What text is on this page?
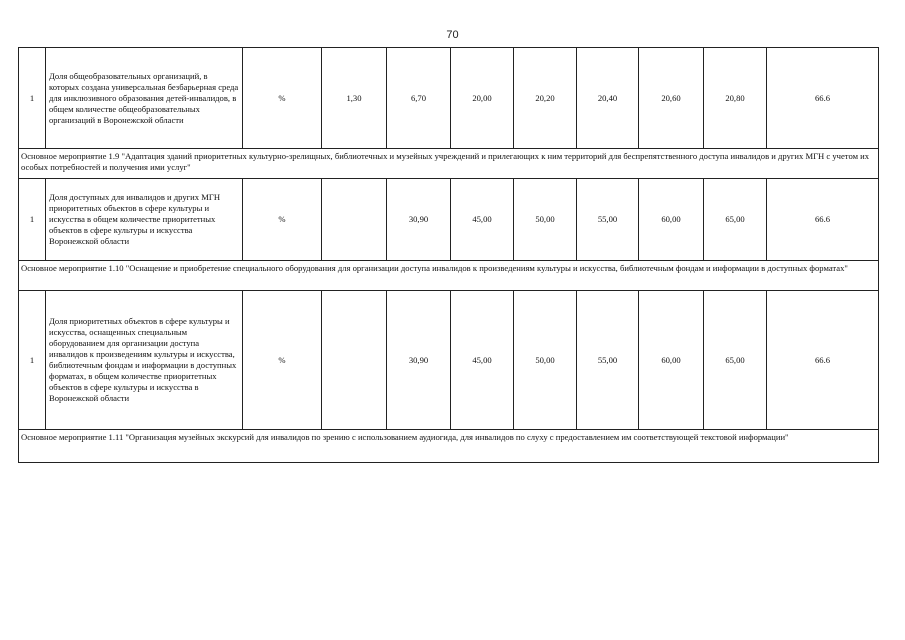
70
1	Доля общеобразовательных организаций, в которых создана универсальная безбарьерная среда для инклюзивного образования детей-инвалидов, в общем количестве общеобразовательных организаций в Воронежской области	%	1,30	6,70	20,00	20,20	20,40	20,60	20,80	66.6
Основное мероприятие 1.9 "Адаптация зданий приоритетных культурно-зрелищных, библиотечных и музейных учреждений и прилегающих к ним территорий для беспрепятственного доступа инвалидов и других МГН с учетом их особых потребностей и получения ими услуг"										
1	Доля доступных для инвалидов и других МГН приоритетных объектов в сфере культуры и искусства в общем количестве приоритетных объектов в сфере культуры и искусства Воронежской области	%		30,90	45,00	50,00	55,00	60,00	65,00	66.6
Основное мероприятие 1.10 "Оснащение и приобретение специального оборудования для организации доступа инвалидов к произведениям культуры и искусства, библиотечным фондам и информации в доступных форматах"										
1	Доля приоритетных объектов в сфере культуры и искусства, оснащенных специальным оборудованием для организации доступа инвалидов к произведениям культуры и искусства, библиотечным фондам и информации в доступных форматах, в общем количестве приоритетных объектов в сфере культуры и искусства в Воронежской области	%		30,90	45,00	50,00	55,00	60,00	65,00	66.6
Основное мероприятие 1.11 "Организация музейных экскурсий для инвалидов по зрению с использованием аудиогида, для инвалидов по слуху с предоставлением им соответствующей текстовой информации"										
